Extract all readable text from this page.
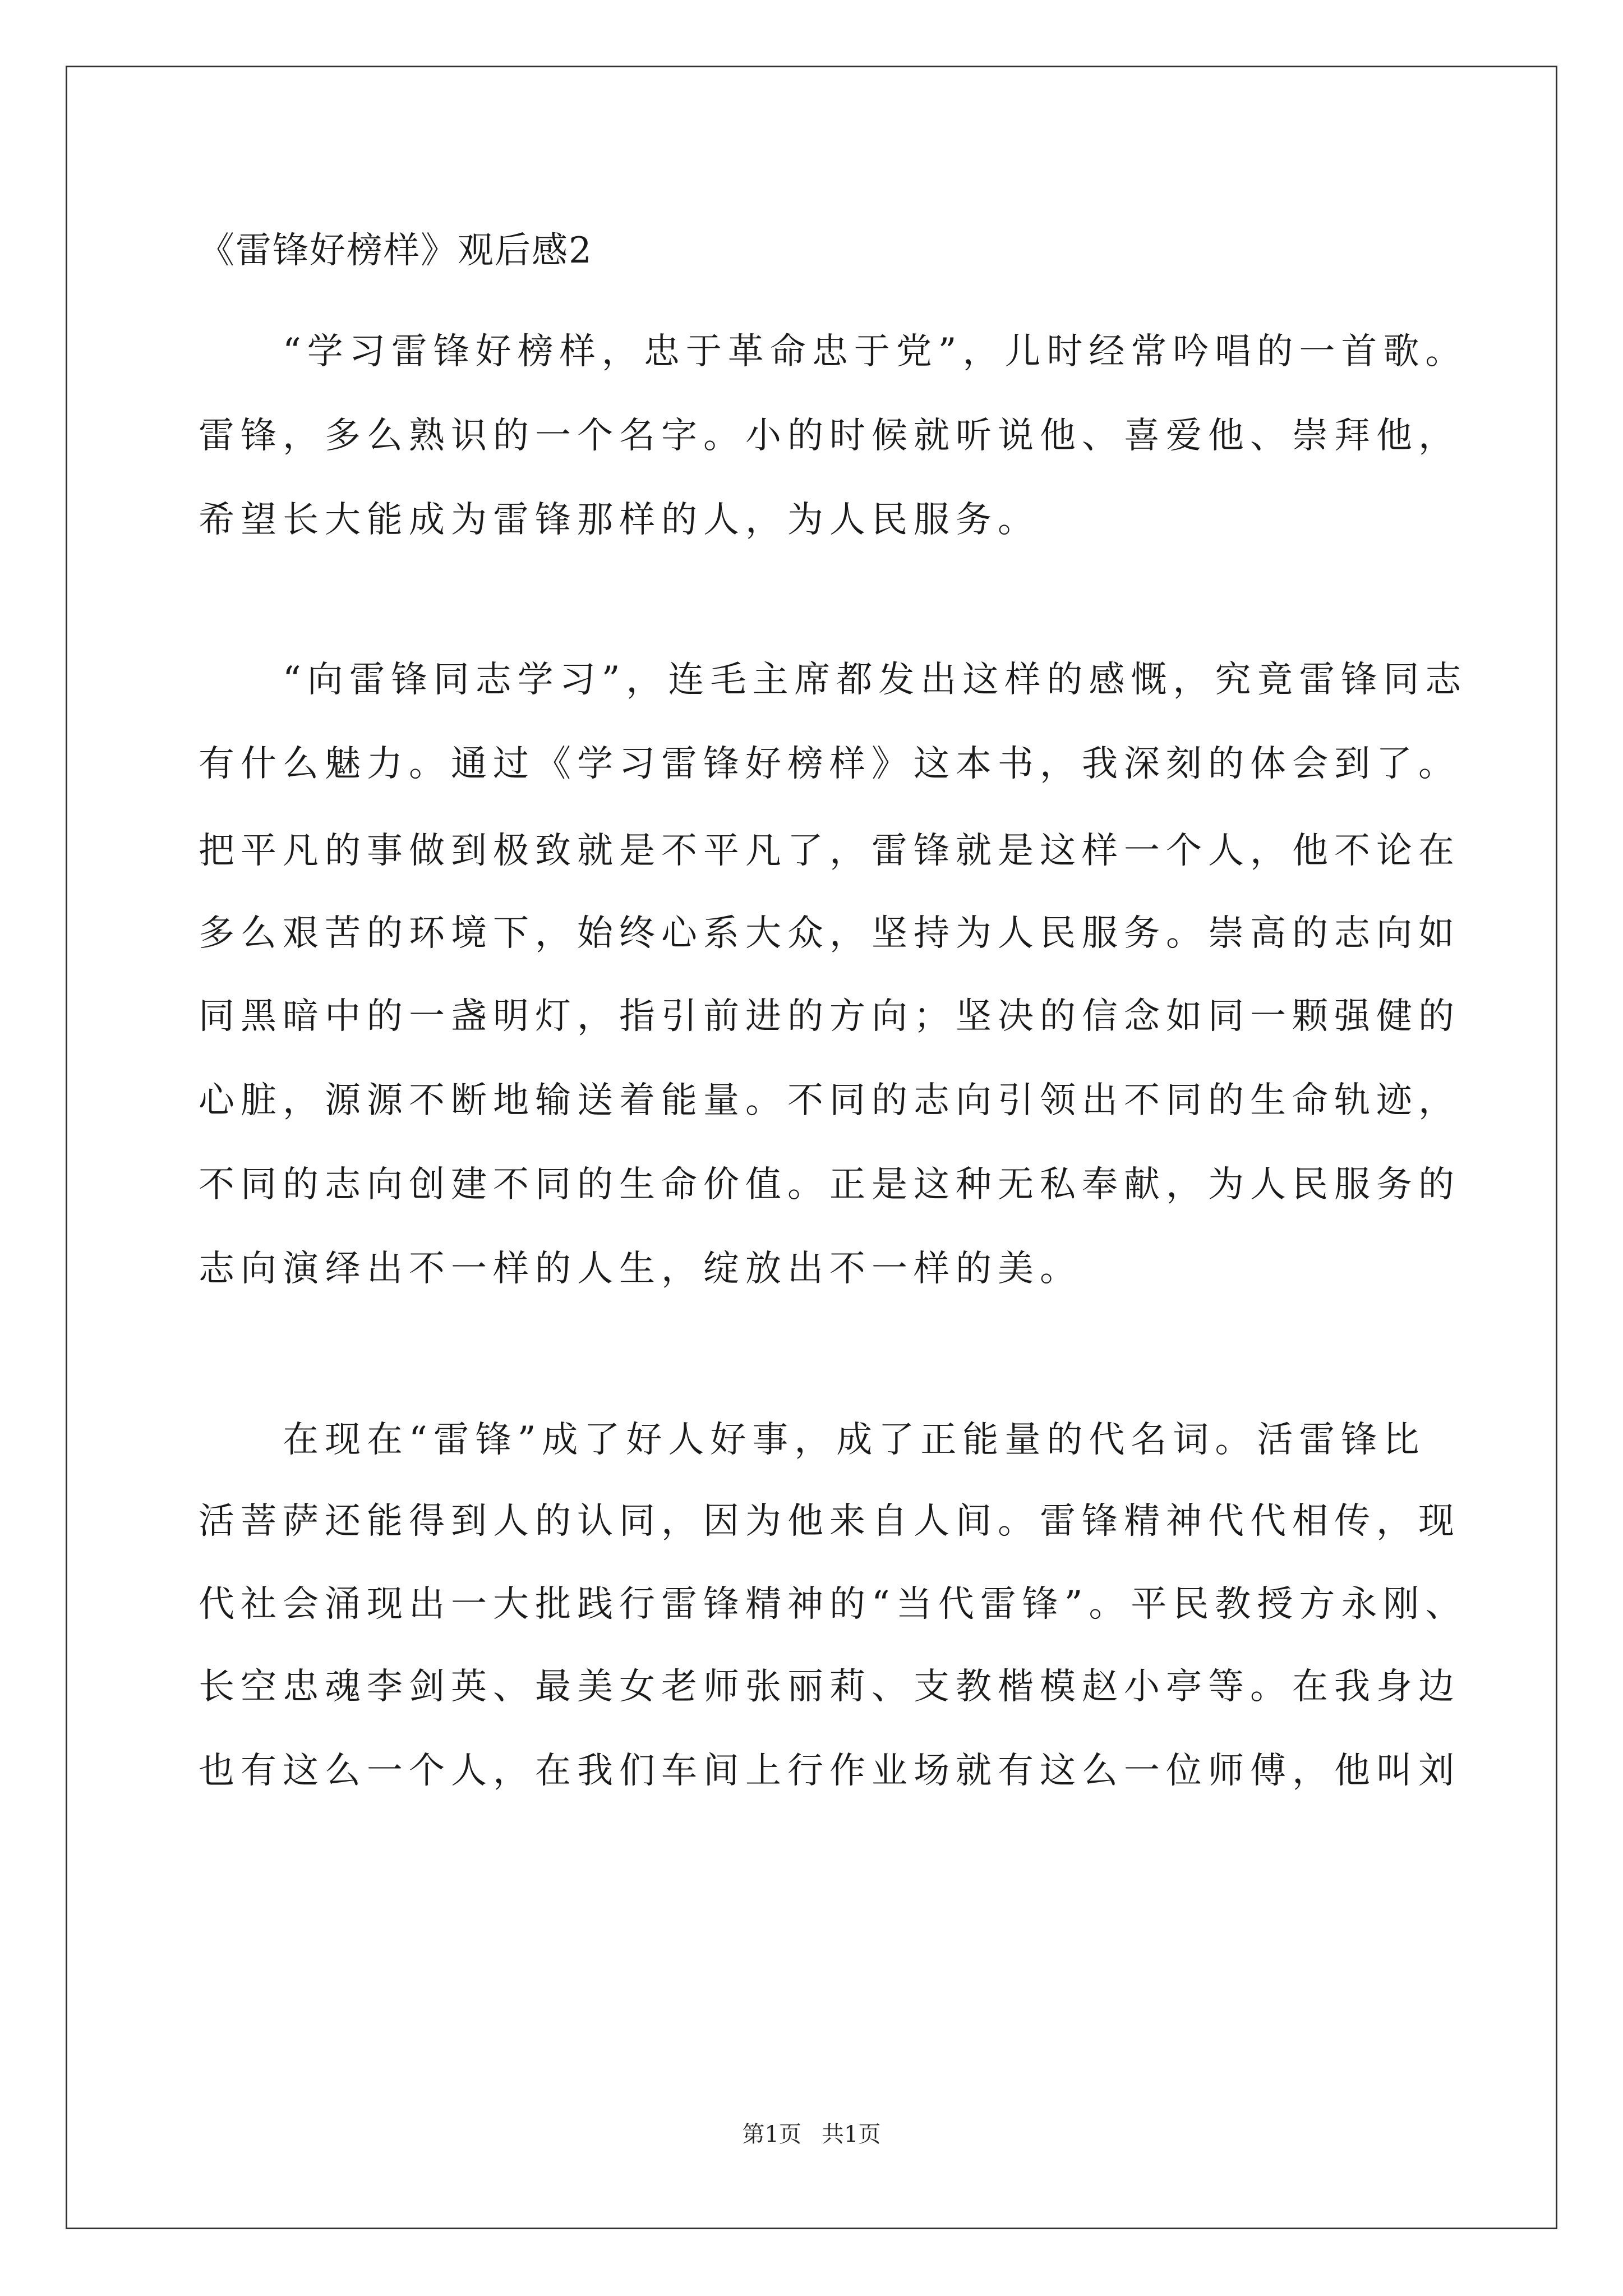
《雷锋好榜样》观后感2
“学习雷锋好榜样，忠于革命忠于党”，儿时经常吟唱的一首歌。
雷锋，多么熟识的一个名字。小的时候就听说他、喜爱他、崇拜他，
希望长大能成为雷锋那样的人，为人民服务。
“向雷锋同志学习”，连毛主席都发出这样的感慨，究竟雷锋同志
有什么魅力。通过《学习雷锋好榜样》这本书，我深刻的体会到了。
把平凡的事做到极致就是不平凡了，雷锋就是这样一个人，他不论在
多么艰苦的环境下，始终心系大众，坚持为人民服务。崇高的志向如
同黑暗中的一盏明灯，指引前进的方向；坚决的信念如同一颗强健的
心脏，源源不断地输送着能量。不同的志向引领出不同的生命轨迹，
不同的志向创建不同的生命价值。正是这种无私奉献，为人民服务的
志向演绎出不一样的人生，绽放出不一样的美。
在现在“雷锋”成了好人好事，成了正能量的代名词。活雷锋比
活菩萨还能得到人的认同，因为他来自人间。雷锋精神代代相传，现
代社会涌现出一大批践行雷锋精神的“当代雷锋”。平民教授方永刚、
长空忠魂李剑英、最美女老师张丽莉、支教楷模赵小亭等。在我身边
也有这么一个人，在我们车间上行作业场就有这么一位师傅，他叫刘
第1页 共1页
